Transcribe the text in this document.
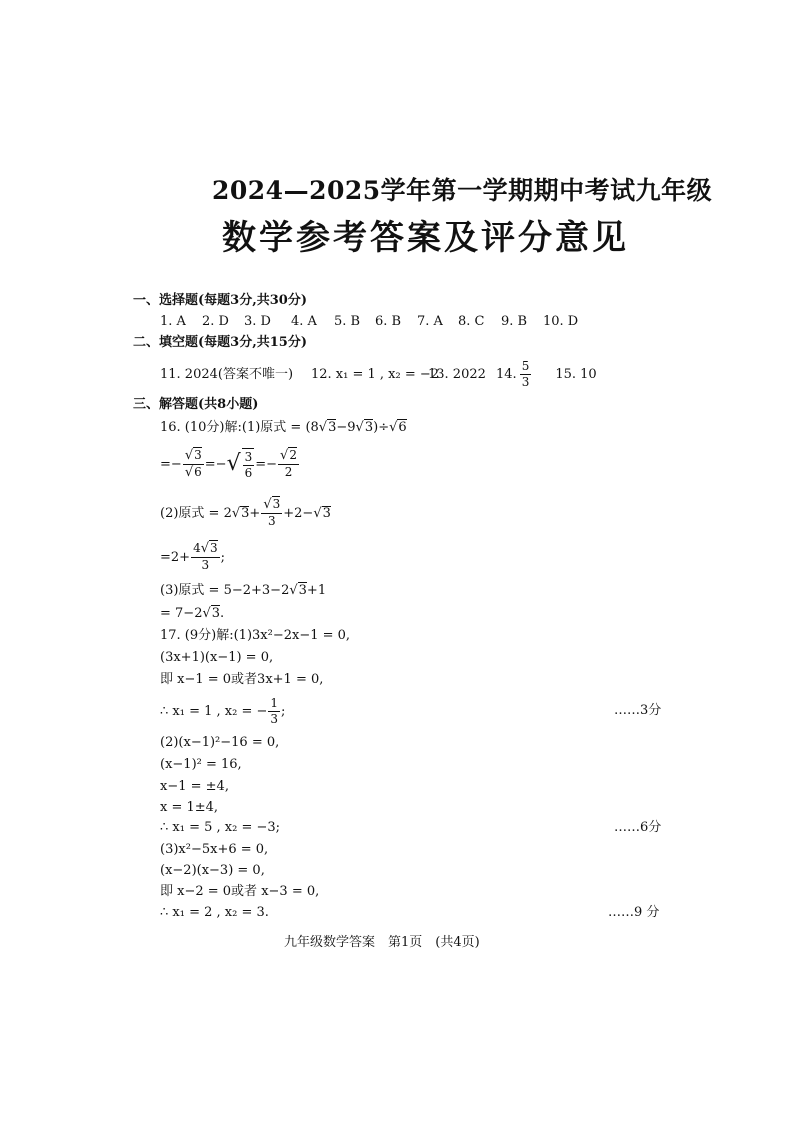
2024—2025学年第一学期期中考试九年级
数学参考答案及评分意见
一、选择题(每题3分,共30分)
1. A 2. D 3. D 4. A 5. B 6. B 7. A 8. C 9. B 10. D
二、填空题(每题3分,共15分)
11. 2024(答案不唯一)	12. x₁ = 1 , x₂ = −2
13. 2022 14. $\frac{5}{3} 15$. 10
三、解答题(共8小题)
16. (10分)解:(1)原式 = (8√3−9√3)÷√6
= − $\frac{√3}{√6}$ = − √ $\frac{3}{6}$ = − $\frac{√2}{2}$
(2)原式 = 2 √ $3 + \frac{√3}{3} +2-$ √ 3
$=2+ \frac{4√3}{3}$ ;
(3)原式 = 5−2+3−2√3+1
= 7−2√3.
17. (9分)解:(1)3x²−2x−1 = 0,
(3x+1)(x−1) = 0,
即 x−1 = 0或者3x+1 = 0,
∴ x₁ = 1 , x₂ = − $\frac{1}{3}$ ;	……3分
(2)(x−1)²−16 = 0,
(x−1)² = 16,
x−1 = ±4,
x = 1±4,
∴ x₁ = 5 , x₂ = −3;	……6分
(3)x²−5x+6 = 0,
(x−2)(x−3) = 0,
即 x−2 = 0或者 x−3 = 0,
∴ x₁ = 2 , x₂ = 3.	……9 分
九年级数学答案　第1页　(共4页)
